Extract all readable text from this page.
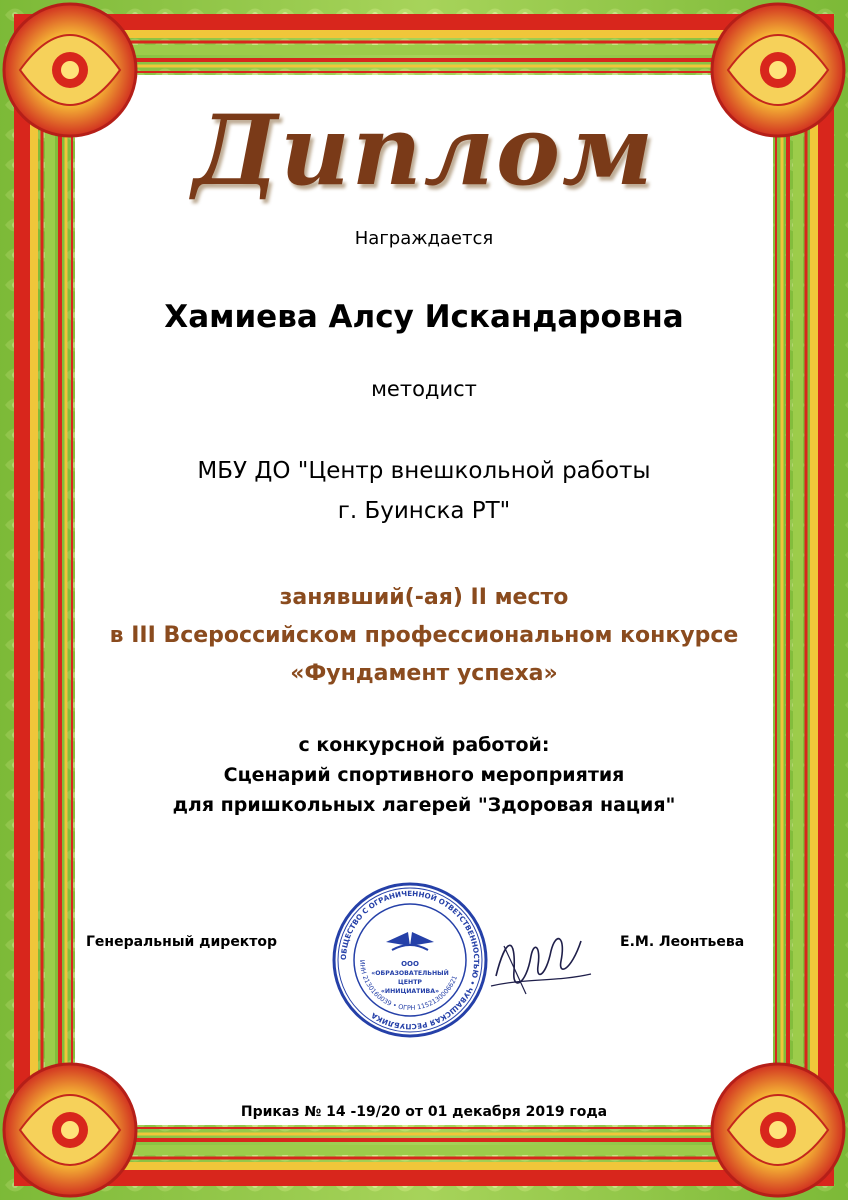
Диплом
Награждается
Хамиева Алсу Искандаровна
методист
МБУ ДО "Центр внешкольной работы
г. Буинска РТ"
занявший(-ая) II место
в III Всероссийском профессиональном конкурсе
«Фундамент успеха»
с конкурсной работой:
Сценарий спортивного мероприятия
для пришкольных лагерей "Здоровая нация"
Генеральный директор
ОБЩЕСТВО С ОГРАНИЧЕННОЙ ОТВЕТСТВЕННОСТЬЮ • ЧУВАШСКАЯ РЕСПУБЛИКА
ИНН 2130160039 • ОГРН 1152130006621
ООО
«ОБРАЗОВАТЕЛЬНЫЙ
ЦЕНТР
«ИНИЦИАТИВА»
Е.М. Леонтьева
Приказ № 14 -19/20 от 01 декабря 2019 года
